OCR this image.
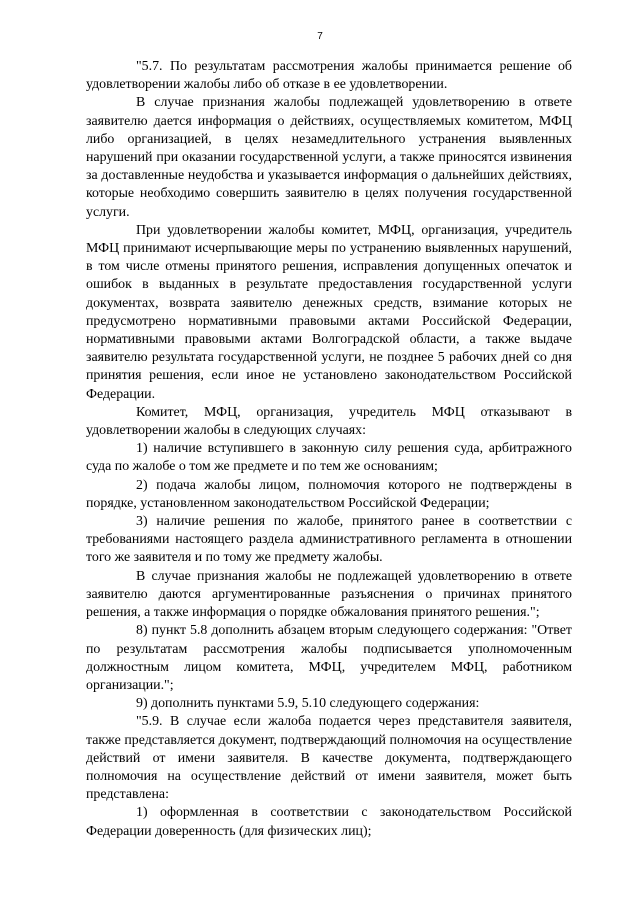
7

"5.7. По результатам рассмотрения жалобы принимается решение об удовлетворении жалобы либо об отказе в ее удовлетворении.

В случае признания жалобы подлежащей удовлетворению в ответе заявителю дается информация о действиях, осуществляемых комитетом, МФЦ либо организацией, в целях незамедлительного устранения выявленных нарушений при оказании государственной услуги, а также приносятся извинения за доставленные неудобства и указывается информация о дальнейших действиях, которые необходимо совершить заявителю в целях получения государственной услуги.

При удовлетворении жалобы комитет, МФЦ, организация, учредитель МФЦ принимают исчерпывающие меры по устранению выявленных нарушений, в том числе отмены принятого решения, исправления допущенных опечаток и ошибок в выданных в результате предоставления государственной услуги документах, возврата заявителю денежных средств, взимание которых не предусмотрено нормативными правовыми актами Российской Федерации, нормативными правовыми актами Волгоградской области, а также выдаче заявителю результата государственной услуги, не позднее 5 рабочих дней со дня принятия решения, если иное не установлено законодательством Российской Федерации.

Комитет, МФЦ, организация, учредитель МФЦ отказывают в удовлетворении жалобы в следующих случаях:

1) наличие вступившего в законную силу решения суда, арбитражного суда по жалобе о том же предмете и по тем же основаниям;

2) подача жалобы лицом, полномочия которого не подтверждены в порядке, установленном законодательством Российской Федерации;

3) наличие решения по жалобе, принятого ранее в соответствии с требованиями настоящего раздела административного регламента в отношении того же заявителя и по тому же предмету жалобы.

В случае признания жалобы не подлежащей удовлетворению в ответе заявителю даются аргументированные разъяснения о причинах принятого решения, а также информация о порядке обжалования принятого решения.";

8) пункт 5.8 дополнить абзацем вторым следующего содержания: "Ответ по результатам рассмотрения жалобы подписывается уполномоченным должностным лицом комитета, МФЦ, учредителем МФЦ, работником организации.";

9) дополнить пунктами 5.9, 5.10 следующего содержания:

"5.9. В случае если жалоба подается через представителя заявителя, также представляется документ, подтверждающий полномочия на осуществление действий от имени заявителя. В качестве документа, подтверждающего полномочия на осуществление действий от имени заявителя, может быть представлена:

1) оформленная в соответствии с законодательством Российской Федерации доверенность (для физических лиц);
